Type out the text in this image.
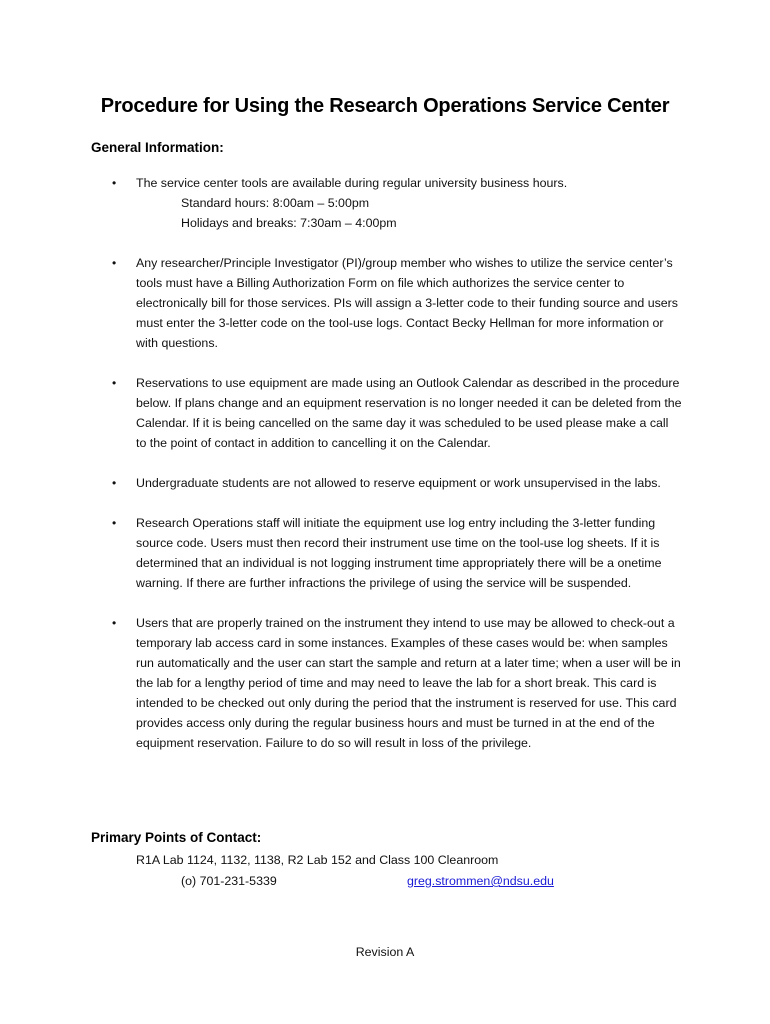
Procedure for Using the Research Operations Service Center
General Information:
• The service center tools are available during regular university business hours.
Standard hours: 8:00am – 5:00pm
Holidays and breaks: 7:30am – 4:00pm
• Any researcher/Principle Investigator (PI)/group member who wishes to utilize the service center’s tools must have a Billing Authorization Form on file which authorizes the service center to electronically bill for those services. PIs will assign a 3-letter code to their funding source and users must enter the 3-letter code on the tool-use logs. Contact Becky Hellman for more information or with questions.
• Reservations to use equipment are made using an Outlook Calendar as described in the procedure below. If plans change and an equipment reservation is no longer needed it can be deleted from the Calendar. If it is being cancelled on the same day it was scheduled to be used please make a call to the point of contact in addition to cancelling it on the Calendar.
• Undergraduate students are not allowed to reserve equipment or work unsupervised in the labs.
• Research Operations staff will initiate the equipment use log entry including the 3-letter funding source code. Users must then record their instrument use time on the tool-use log sheets. If it is determined that an individual is not logging instrument time appropriately there will be a onetime warning. If there are further infractions the privilege of using the service will be suspended.
• Users that are properly trained on the instrument they intend to use may be allowed to check-out a temporary lab access card in some instances. Examples of these cases would be: when samples run automatically and the user can start the sample and return at a later time; when a user will be in the lab for a lengthy period of time and may need to leave the lab for a short break. This card is intended to be checked out only during the period that the instrument is reserved for use. This card provides access only during the regular business hours and must be turned in at the end of the equipment reservation. Failure to do so will result in loss of the privilege.
Primary Points of Contact:
R1A Lab 1124, 1132, 1138, R2 Lab 152 and Class 100 Cleanroom
(o) 701-231-5339	greg.strommen@ndsu.edu
Revision A
